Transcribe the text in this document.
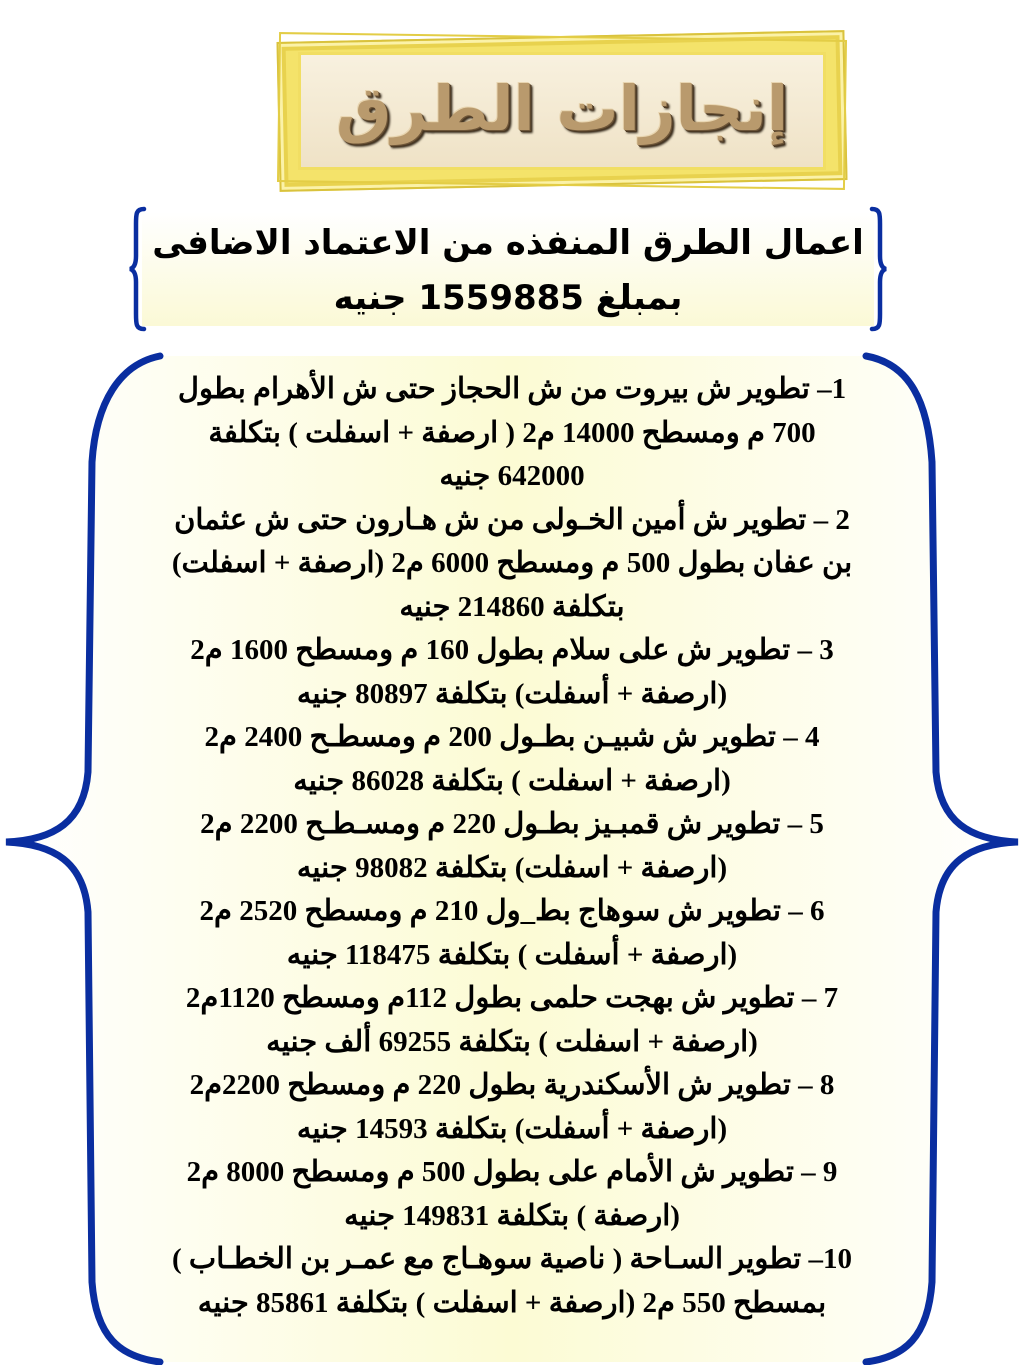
إنجازات الطرق
اعمال الطرق المنفذه من الاعتماد الاضافى
بمبلغ 1559885 جنيه
1– تطوير ش بيروت من ش الحجاز حتى ش الأهرام بطول
700 م ومسطح 14000 م2 ( ارصفة + اسفلت ) بتكلفة
642000 جنيه
2 – تطوير ش أمين الخـولى من ش هـارون حتى ش عثمان
بن عفان بطول 500 م ومسطح 6000 م2 (ارصفة + اسفلت)
بتكلفة 214860 جنيه
3 – تطوير ش على سلام بطول 160 م ومسطح 1600 م2
(ارصفة + أسفلت) بتكلفة 80897 جنيه
4 – تطوير ش شبيـن بطـول 200 م ومسطـح 2400 م2
(ارصفة + اسفلت ) بتكلفة 86028 جنيه
5 – تطوير ش قمبـيز بطـول 220 م ومسـطـح 2200 م2
(ارصفة + اسفلت) بتكلفة 98082 جنيه
6 – تطوير ش سوهاج بط_ول 210 م ومسطح 2520 م2
(ارصفة + أسفلت ) بتكلفة 118475 جنيه
7 – تطوير ش بهجت حلمى بطول 112م ومسطح 1120م2
(ارصفة + اسفلت ) بتكلفة 69255 ألف جنيه
8 – تطوير ش الأسكندرية بطول 220 م ومسطح 2200م2
(ارصفة + أسفلت) بتكلفة 14593 جنيه
9 – تطوير ش الأمام على بطول 500 م ومسطح 8000 م2
(ارصفة ) بتكلفة 149831 جنيه
10– تطوير السـاحة ( ناصية سوهـاج مع عمـر بن الخطـاب )
بمسطح 550 م2 (ارصفة + اسفلت ) بتكلفة 85861 جنيه
